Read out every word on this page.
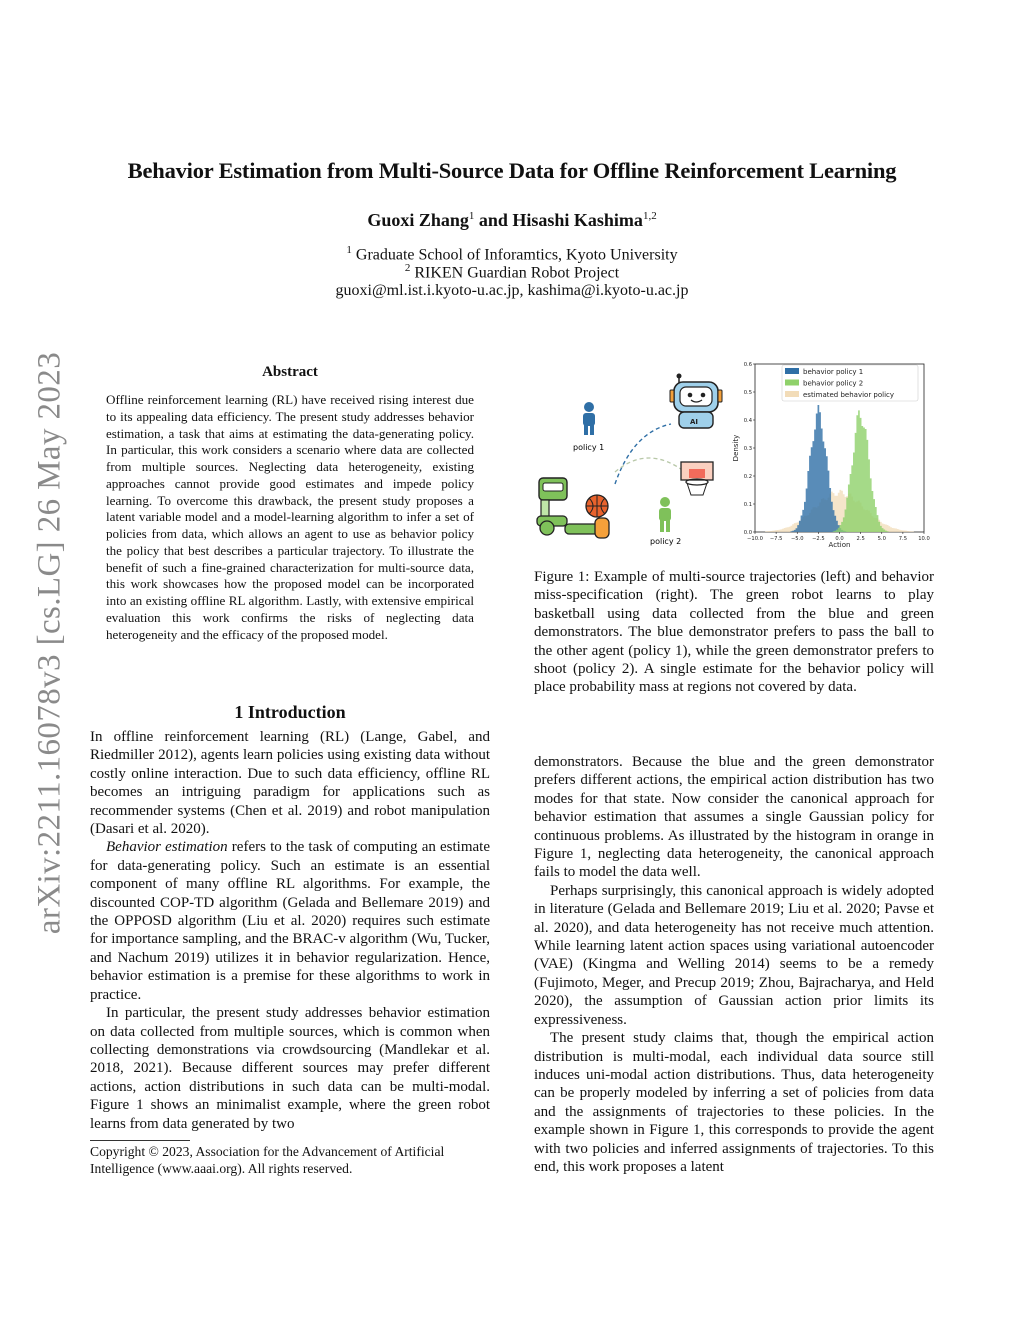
Behavior Estimation from Multi-Source Data for Offline Reinforcement Learning
Guoxi Zhang$^1$ and Hisashi Kashima$^{1,2}$
$^1$ Graduate School of Inforamtics, Kyoto University
$^2$ RIKEN Guardian Robot Project
guoxi@ml.ist.i.kyoto-u.ac.jp, kashima@i.kyoto-u.ac.jp
arXiv:2211.16078v3 [cs.LG] 26 May 2023	Abstract
Offline reinforcement learning (RL) have received rising interest due to its appealing data efficiency. The present study addresses behavior estimation, a task that aims at estimating the data-generating policy. In particular, this work considers a scenario where data are collected from multiple sources. Neglecting data heterogeneity, existing approaches cannot provide good estimates and impede policy learning. To overcome this drawback, the present study proposes a latent variable model and a model-learning algorithm to infer a set of policies from data, which allows an agent to use as behavior policy the policy that best describes a particular trajectory. To illustrate the benefit of such a fine-grained characterization for multi-source data, this work showcases how the proposed model can be incorporated into an existing offline RL algorithm. Lastly, with extensive empirical evaluation this work confirms the risks of neglecting data heterogeneity and the efficacy of the proposed model.
1 Introduction

In offline reinforcement learning (RL) (Lange, Gabel, and Riedmiller 2012), agents learn policies using existing data without costly online interaction. Due to such data efficiency, offline RL becomes an intriguing paradigm for applications such as recommender systems (Chen et al. 2019) and robot manipulation (Dasari et al. 2020).

Behavior estimation refers to the task of computing an estimate for data-generating policy. Such an estimate is an essential component of many offline RL algorithms. For example, the discounted COP-TD algorithm (Gelada and Bellemare 2019) and the OPPOSD algorithm (Liu et al. 2020) requires such estimate for importance sampling, and the BRAC-v algorithm (Wu, Tucker, and Nachum 2019) utilizes it in behavior regularization. Hence, behavior estimation is a premise for these algorithms to work in practice.

In particular, the present study addresses behavior estimation on data collected from multiple sources, which is common when collecting demonstrations via crowdsourcing (Mandlekar et al. 2018, 2021). Because different sources may prefer different actions, action distributions in such data can be multi-modal. Figure 1 shows an minimalist example, where the green robot learns from data generated by two

Copyright © 2023, Association for the Advancement of Artificial Intelligence (www.aaai.org). All rights reserved.
policy 1
AI
policy 2	−10.0 −7.5 −5.0 −2.5 0.0 2.5 5.0 7.5 10.0
0.0
0.1
0.2
0.3
0.4
0.5
0.6
Action
Density
behavior policy 1
behavior policy 2
estimated behavior policy
Figure 1: Example of multi-source trajectories (left) and behavior miss-specification (right). The green robot learns to play basketball using data collected from the blue and green demonstrators. The blue demonstrator prefers to pass the ball to the other agent (policy 1), while the green demonstrator prefers to shoot (policy 2). A single estimate for the behavior policy will place probability mass at regions not covered by data.

demonstrators. Because the blue and the green demonstrator prefers different actions, the empirical action distribution has two modes for that state. Now consider the canonical approach for behavior estimation that assumes a single Gaussian policy for continuous problems. As illustrated by the histogram in orange in Figure 1, neglecting data heterogeneity, the canonical approach fails to model the data well.

Perhaps surprisingly, this canonical approach is widely adopted in literature (Gelada and Bellemare 2019; Liu et al. 2020; Pavse et al. 2020), and data heterogeneity has not receive much attention. While learning latent action spaces using variational autoencoder (VAE) (Kingma and Welling 2014) seems to be a remedy (Fujimoto, Meger, and Precup 2019; Zhou, Bajracharya, and Held 2020), the assumption of Gaussian action prior limits its expressiveness.

The present study claims that, though the empirical action distribution is multi-modal, each individual data source still induces uni-modal action distributions. Thus, data heterogeneity can be properly modeled by inferring a set of policies from data and the assignments of trajectories to these policies. In the example shown in Figure 1, this corresponds to provide the agent with two policies and inferred assignments of trajectories. To this end, this work proposes a latent
